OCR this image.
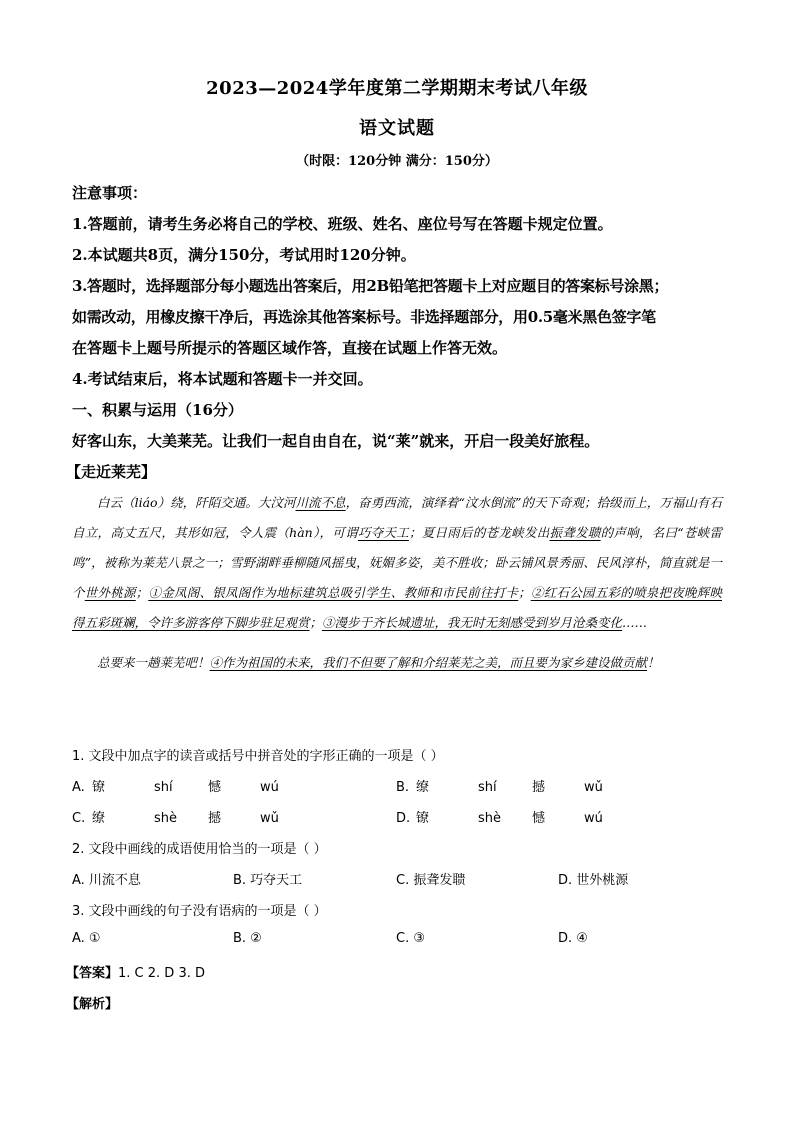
2023—2024学年度第二学期期末考试八年级
语文试题
（时限：120分钟 满分：150分）
注意事项：
1.答题前，请考生务必将自己的学校、班级、姓名、座位号写在答题卡规定位置。
2.本试题共8页，满分150分，考试用时120分钟。
3.答题时，选择题部分每小题选出答案后，用2B铅笔把答题卡上对应题目的答案标号涂黑；
如需改动，用橡皮擦干净后，再选涂其他答案标号。非选择题部分，用0.5毫米黑色签字笔
在答题卡上题号所提示的答题区域作答，直接在试题上作答无效。
4.考试结束后，将本试题和答题卡一并交回。
一、积累与运用（16分）
好客山东，大美莱芜。让我们一起自由自在，说“莱”就来，开启一段美好旅程。
【走近莱芜】

白云（liáo）绕，阡陌交通。大汶河川流不息，奋勇西流，演绎着“汶水倒流”的天下奇观；拾级而上，万福山有石自立，高丈五尺，其形如冠，令人震（hàn），可谓巧夺天工；夏日雨后的苍龙峡发出振聋发聩的声响，名曰“苍峡雷鸣”，被称为莱芜八景之一；雪野湖畔垂柳随风摇曳，妩媚多姿，美不胜收；卧云铺风景秀丽、民风淳朴，简直就是一个世外桃源；①金凤阁、银凤阁作为地标建筑总吸引学生、教师和市民前往打卡；②红石公园五彩的喷泉把夜晚辉映得五彩斑斓，令许多游客停下脚步驻足观赏；③漫步于齐长城遗址，我无时无刻感受到岁月沧桑变化……

总要来一趟莱芜吧！④作为祖国的未来，我们不但要了解和介绍莱芜之美，而且要为家乡建设做贡献！

1. 文段中加点字的读音或括号中拼音处的字形正确的一项是（ ）
A. 镣	shí	憾	wú	B. 缭	shí	撼	wǔ
C. 缭	shè 撼	wǔ	D. 镣	shè 憾	wú
2. 文段中画线的成语使用恰当的一项是（ ）
A. 川流不息	B. 巧夺天工	C. 振聋发聩	D. 世外桃源
3. 文段中画线的句子没有语病的一项是（ ）
A. ①	B. ②	C. ③	D. ④
【答案】1. C 2. D 3. D
【解析】
